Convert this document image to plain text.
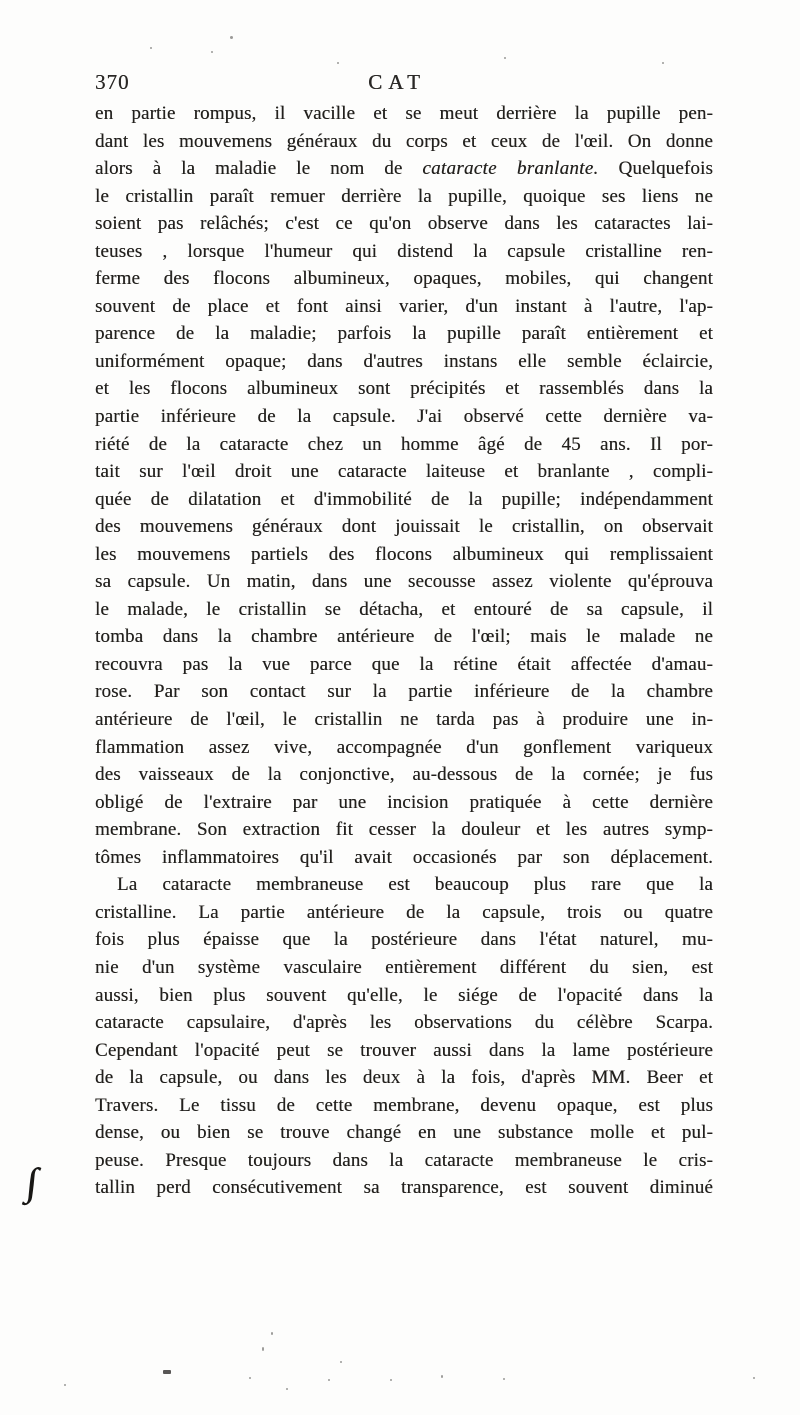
370	CAT
en partie rompus, il vacille et se meut derrière la pupille pen-
dant les mouvemens généraux du corps et ceux de l'œil. On donne
alors à la maladie le nom de cataracte branlante. Quelquefois
le cristallin paraît remuer derrière la pupille, quoique ses liens ne
soient pas relâchés; c'est ce qu'on observe dans les cataractes lai-
teuses , lorsque l'humeur qui distend la capsule cristalline ren-
ferme des flocons albumineux, opaques, mobiles, qui changent
souvent de place et font ainsi varier, d'un instant à l'autre, l'ap-
parence de la maladie; parfois la pupille paraît entièrement et
uniformément opaque; dans d'autres instans elle semble éclaircie,
et les flocons albumineux sont précipités et rassemblés dans la
partie inférieure de la capsule. J'ai observé cette dernière va-
riété de la cataracte chez un homme âgé de 45 ans. Il por-
tait sur l'œil droit une cataracte laiteuse et branlante , compli-
quée de dilatation et d'immobilité de la pupille; indépendamment
des mouvemens généraux dont jouissait le cristallin, on observait
les mouvemens partiels des flocons albumineux qui remplissaient
sa capsule. Un matin, dans une secousse assez violente qu'éprouva
le malade, le cristallin se détacha, et entouré de sa capsule, il
tomba dans la chambre antérieure de l'œil; mais le malade ne
recouvra pas la vue parce que la rétine était affectée d'amau-
rose. Par son contact sur la partie inférieure de la chambre
antérieure de l'œil, le cristallin ne tarda pas à produire une in-
flammation assez vive, accompagnée d'un gonflement variqueux
des vaisseaux de la conjonctive, au-dessous de la cornée; je fus
obligé de l'extraire par une incision pratiquée à cette dernière
membrane. Son extraction fit cesser la douleur et les autres symp-
tômes inflammatoires qu'il avait occasionés par son déplacement.
La cataracte membraneuse est beaucoup plus rare que la
cristalline. La partie antérieure de la capsule, trois ou quatre
fois plus épaisse que la postérieure dans l'état naturel, mu-
nie d'un système vasculaire entièrement différent du sien, est
aussi, bien plus souvent qu'elle, le siége de l'opacité dans la
cataracte capsulaire, d'après les observations du célèbre Scarpa.
Cependant l'opacité peut se trouver aussi dans la lame postérieure
de la capsule, ou dans les deux à la fois, d'après MM. Beer et
Travers. Le tissu de cette membrane, devenu opaque, est plus
dense, ou bien se trouve changé en une substance molle et pul-
peuse. Presque toujours dans la cataracte membraneuse le cris-
tallin perd consécutivement sa transparence, est souvent diminué
∫
